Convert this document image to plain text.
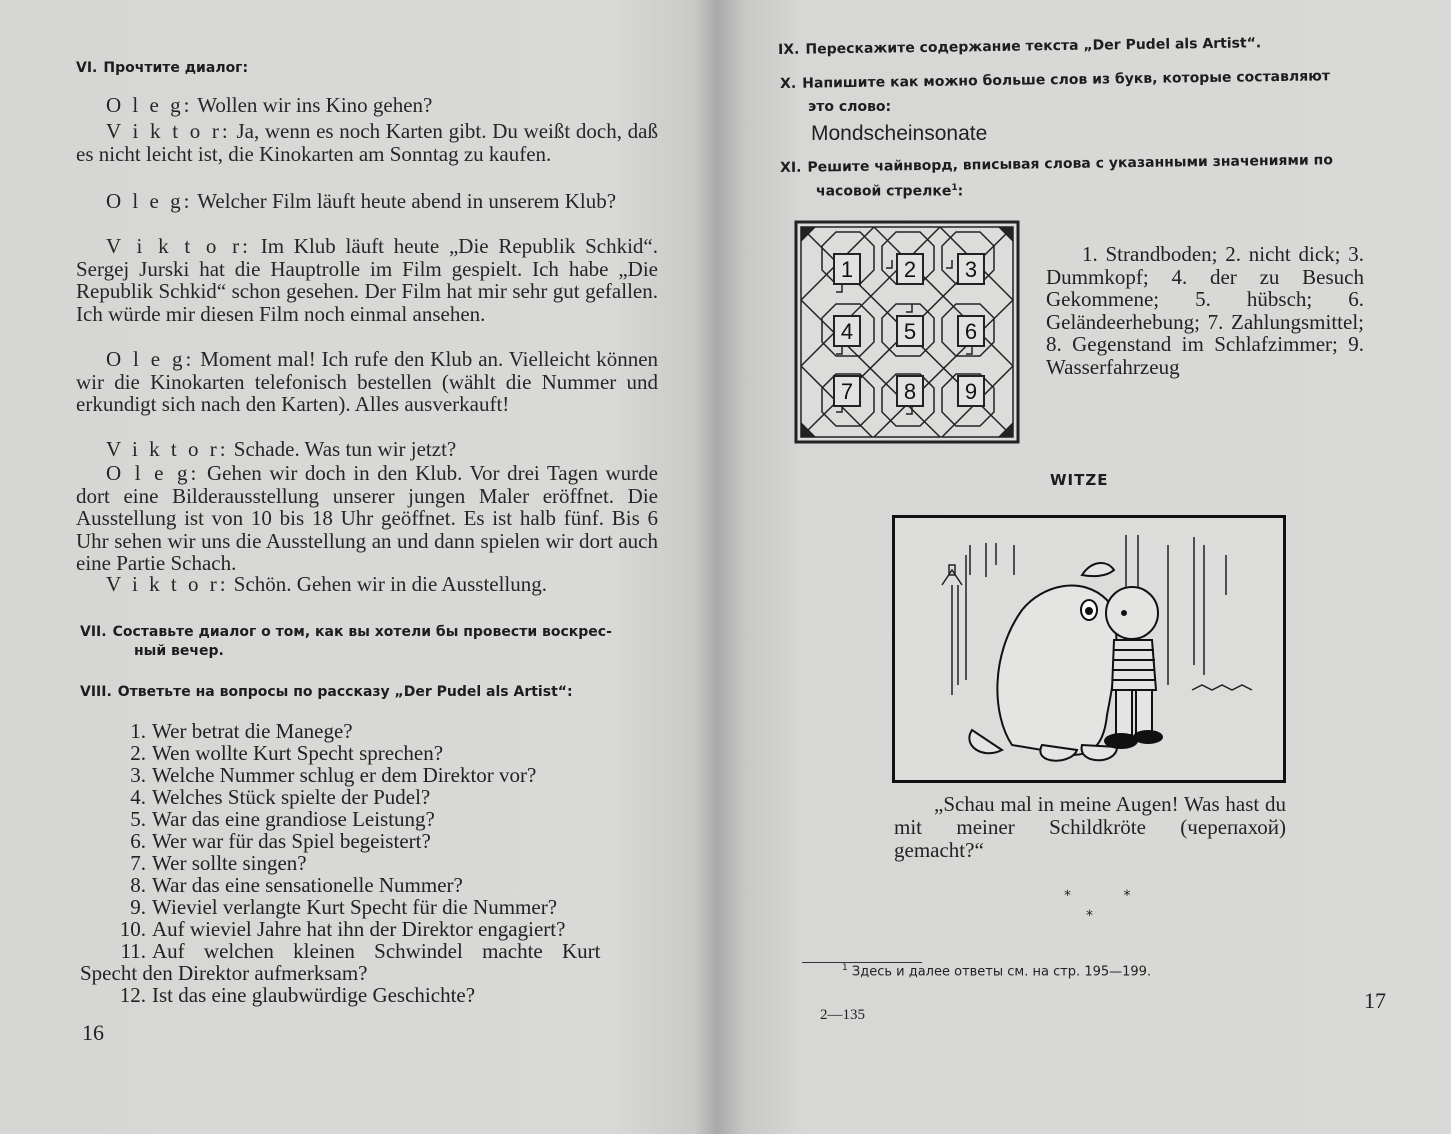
VI. Прочтите диалог:
O l e g: Wollen wir ins Kino gehen?
V i k t o r: Ja, wenn es noch Karten gibt. Du weißt doch, daß es nicht leicht ist, die Kinokarten am Sonntag zu kaufen.
O l e g: Welcher Film läuft heute abend in unserem Klub?
V i k t o r: Im Klub läuft heute „Die Republik Schkid“. Sergej Jurski hat die Hauptrolle im Film gespielt. Ich habe „Die Republik Schkid“ schon gesehen. Der Film hat mir sehr gut gefallen. Ich würde mir diesen Film noch einmal ansehen.
O l e g: Moment mal! Ich rufe den Klub an. Vielleicht können wir die Kinokarten telefonisch bestellen (wählt die Nummer und erkundigt sich nach den Karten). Alles ausverkauft!
V i k t o r: Schade. Was tun wir jetzt?
O l e g: Gehen wir doch in den Klub. Vor drei Tagen wurde dort eine Bilderausstellung unserer jungen Maler eröffnet. Die Ausstellung ist von 10 bis 18 Uhr geöffnet. Es ist halb fünf. Bis 6 Uhr sehen wir uns die Ausstellung an und dann spielen wir dort auch eine Partie Schach.
V i k t o r: Schön. Gehen wir in die Ausstellung.
VII. Составьте диалог о том, как вы хотели бы провести воскрес-
ный вечер.
VIII. Ответьте на вопросы по рассказу „Der Pudel als Artist“:
1. Wer betrat die Manege?
2. Wen wollte Kurt Specht sprechen?
3. Welche Nummer schlug er dem Direktor vor?
4. Welches Stück spielte der Pudel?
5. War das eine grandiose Leistung?
6. Wer war für das Spiel begeistert?
7. Wer sollte singen?
8. War das eine sensationelle Nummer?
9. Wieviel verlangte Kurt Specht für die Nummer?
10. Auf wieviel Jahre hat ihn der Direktor engagiert?
11. Auf welchen kleinen Schwindel machte Kurt
Specht den Direktor aufmerksam?
12. Ist das eine glaubwürdige Geschichte?
16
IX. Перескажите содержание текста „Der Pudel als Artist“.
X. Напишите как можно больше слов из букв, которые составляют
это слово:
Mondscheinsonate
XI. Решите чайнворд, вписывая слова с указанными значениями по
часовой стрелке$^1$:
1 2 3
4 5 6
7 8 9
1. Strandboden; 2. nicht dick; 3. Dummkopf; 4. der zu Besuch Gekommene; 5. hübsch; 6. Geländeerhebung; 7. Zahlungsmittel; 8. Gegenstand im Schlafzimmer; 9. Wasserfahrzeug
WITZE
„Schau mal in meine Augen! Was hast du mit meiner Schildkröte (черепахой) gemacht?“
* *
*
$^1$ Здесь и далее ответы см. на стр. 195—199.
2—135
17
